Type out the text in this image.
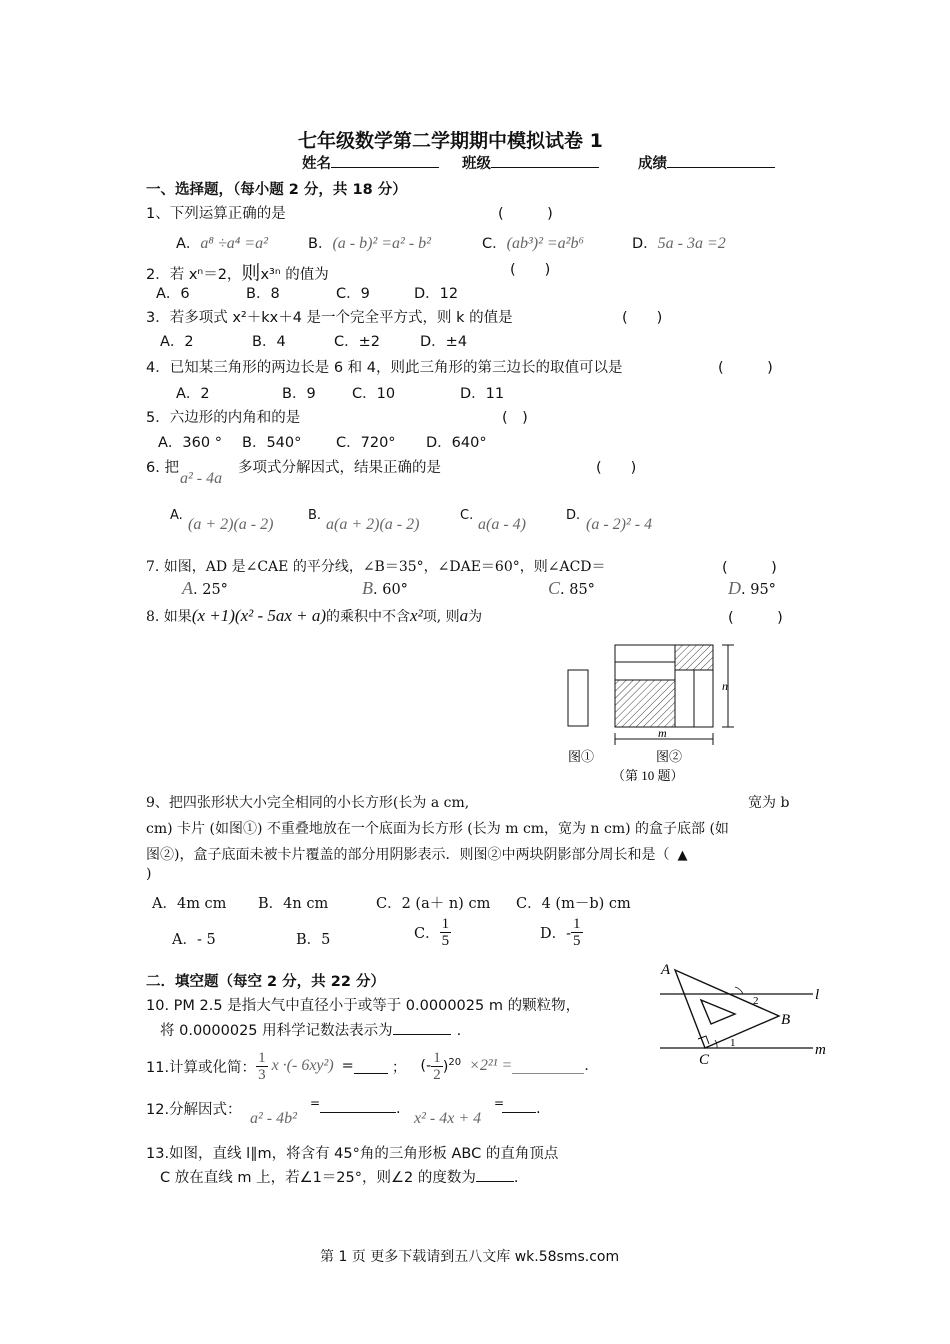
七年级数学第二学期期中模拟试卷 1
姓名	班级	成绩
一、选择题，（每小题 2 分，共 18 分）
1、下列运算正确的是	(　　　)
A．a⁸ ÷a⁴ =a²	B．(a - b)² =a² - b²	C．(ab³)² =a²b⁶	D．5a - 3a =2
2．若 xⁿ＝2，则x³ⁿ 的值为	(　　)
A．6	B．8	C．9	D．12
3．若多项式 x²＋kx＋4 是一个完全平方式，则 k 的值是	(　　)
A．2	B．4	C．±2	D．±4
4．已知某三角形的两边长是 6 和 4，则此三角形的第三边长的取值可以是	(　　　)
A．2	B．9	C．10	D．11
5．六边形的内角和的是	(　)
A．360 ° B．540° C．720° D．640°
6. 把
a² - 4a
多项式分解因式，结果正确的是	(　　)
A.
(a + 2)(a - 2)
B.
a(a + 2)(a - 2)
C.
a(a - 4)
D.
(a - 2)² - 4
7. 如图，AD 是∠CAE 的平分线，∠B＝35°，∠DAE＝60°，则∠ACD＝	(　　　)
A. 25°	B. 60°	C. 85°	D. 95°
8. 如果(x +1)(x² - 5ax + a)的乘积中不含x²项, 则a为	(　　　)
n
m
图①	图②
（第 10 题）
9、把四张形状大小完全相同的小长方形(长为 a cm,	宽为 b
cm) 卡片 (如图①) 不重叠地放在一个底面为长方形 (长为 m cm，宽为 n cm) 的盒子底部 (如
图②)，盒子底面未被卡片覆盖的部分用阴影表示．则图②中两块阴影部分周长和是（ ▲
)
A．4m cm B．4n cm	C．2 (a＋ n) cm C．4 (m－b) cm
A．- 5	B．5	C． $\frac{1}{5}$	D．- $\frac{1}{5}$
二．填空题（每空 2 分，共 22 分）
10. PM 2.5 是指大气中直径小于或等于 0.0000025 m 的颗粒物，
将 0.0000025 用科学记数法表示为	.
11.计算或化简： $\frac{1}{3}$ x ·(- 6xy²) =	； (- $\frac{1}{2} )^{20} \times 2^{21}$ =	.
12.分解因式： a² - 4b²
=	.
x² - 4x + 4
=	.
13.如图，直线 l∥m，将含有 45°角的三角形板 ABC 的直角顶点
C 放在直线 m 上，若∠1＝25°，则∠2 的度数为	.
A
B
C
l
m
1
2
第 1 页 更多下载请到五八文库 wk.58sms.com
